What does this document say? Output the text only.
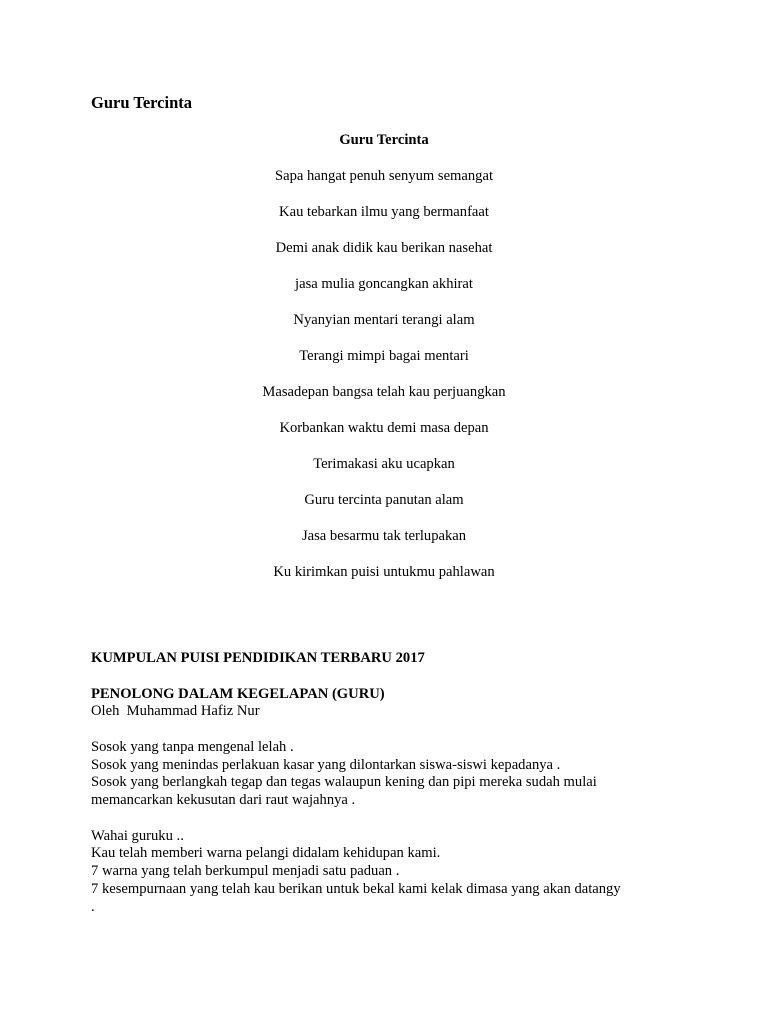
Guru Tercinta
Guru Tercinta
Sapa hangat penuh senyum semangat
Kau tebarkan ilmu yang bermanfaat
Demi anak didik kau berikan nasehat
jasa mulia goncangkan akhirat
Nyanyian mentari terangi alam
Terangi mimpi bagai mentari
Masadepan bangsa telah kau perjuangkan
Korbankan waktu demi masa depan
Terimakasi aku ucapkan
Guru tercinta panutan alam
Jasa besarmu tak terlupakan
Ku kirimkan puisi untukmu pahlawan
KUMPULAN PUISI PENDIDIKAN TERBARU 2017
PENOLONG DALAM KEGELAPAN (GURU)
Oleh  Muhammad Hafiz Nur
Sosok yang tanpa mengenal lelah .
Sosok yang menindas perlakuan kasar yang dilontarkan siswa-siswi kepadanya .
Sosok yang berlangkah tegap dan tegas walaupun kening dan pipi mereka sudah mulai
memancarkan kekusutan dari raut wajahnya .
Wahai guruku ..
Kau telah memberi warna pelangi didalam kehidupan kami.
7 warna yang telah berkumpul menjadi satu paduan .
7 kesempurnaan yang telah kau berikan untuk bekal kami kelak dimasa yang akan datangy
.
